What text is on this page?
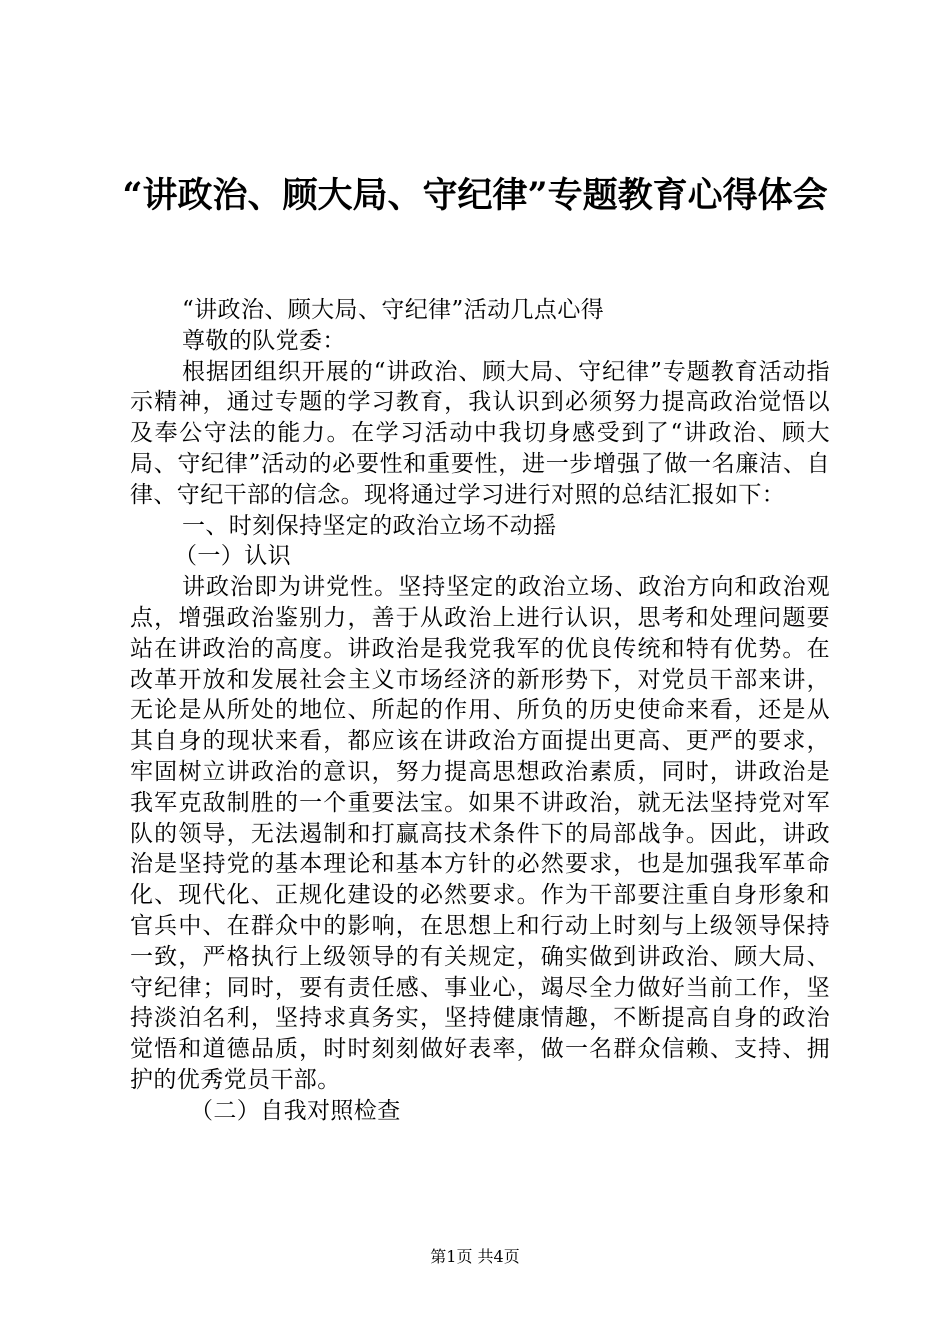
“讲政治、顾大局、守纪律”专题教育心得体会

“讲政治、顾大局、守纪律”活动几点心得

尊敬的队党委：

根据团组织开展的“讲政治、顾大局、守纪律”专题教育活动指示精神，通过专题的学习教育，我认识到必须努力提高政治觉悟以及奉公守法的能力。在学习活动中我切身感受到了“讲政治、顾大局、守纪律”活动的必要性和重要性，进一步增强了做一名廉洁、自律、守纪干部的信念。现将通过学习进行对照的总结汇报如下：

一、时刻保持坚定的政治立场不动摇

（一）认识

讲政治即为讲党性。坚持坚定的政治立场、政治方向和政治观点，增强政治鉴别力，善于从政治上进行认识，思考和处理问题要站在讲政治的高度。讲政治是我党我军的优良传统和特有优势。在改革开放和发展社会主义市场经济的新形势下，对党员干部来讲，无论是从所处的地位、所起的作用、所负的历史使命来看，还是从其自身的现状来看，都应该在讲政治方面提出更高、更严的要求，牢固树立讲政治的意识，努力提高思想政治素质，同时，讲政治是我军克敌制胜的一个重要法宝。如果不讲政治，就无法坚持党对军队的领导，无法遏制和打赢高技术条件下的局部战争。因此，讲政治是坚持党的基本理论和基本方针的必然要求，也是加强我军革命化、现代化、正规化建设的必然要求。作为干部要注重自身形象和官兵中、在群众中的影响，在思想上和行动上时刻与上级领导保持一致，严格执行上级领导的有关规定，确实做到讲政治、顾大局、守纪律；同时，要有责任感、事业心，竭尽全力做好当前工作，坚持淡泊名利，坚持求真务实，坚持健康情趣，不断提高自身的政治觉悟和道德品质，时时刻刻做好表率，做一名群众信赖、支持、拥护的优秀党员干部。

（二）自我对照检查

第1页 共4页
